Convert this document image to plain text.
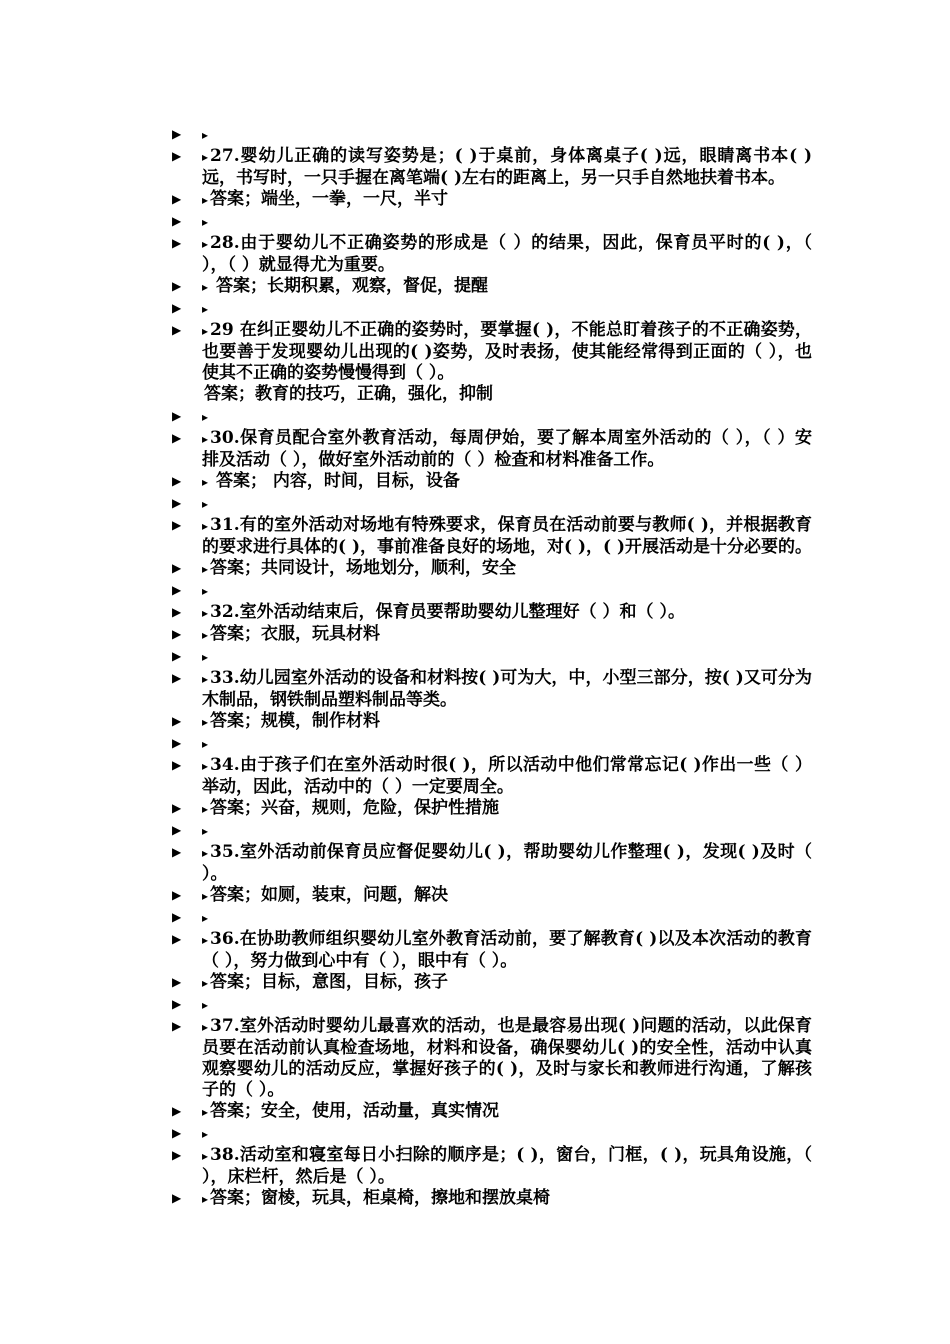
▶	▸
▶	▸ 27.婴幼儿正确的读写姿势是；( )于桌前，身体离桌子( )远，眼睛离书本( )远，书写时，一只手握在离笔端( )左右的距离上，另一只手自然地扶着书本。
▶	▸ 答案；端坐，一拳，一尺，半寸
▶	▸
▶	▸ 28.由于婴幼儿不正确姿势的形成是（ ）的结果，因此，保育员平时的( )，（ ），（ ）就显得尤为重要。
▶	▸ 答案；长期积累，观察，督促，提醒
▶	▸
▶	▸ 29 在纠正婴幼儿不正确的姿势时，要掌握( )，不能总盯着孩子的不正确姿势，也要善于发现婴幼儿出现的( )姿势，及时表扬，使其能经常得到正面的（ ），也使其不正确的姿势慢慢得到（ ）。
答案；教育的技巧，正确，强化，抑制
▶	▸
▶	▸ 30.保育员配合室外教育活动，每周伊始，要了解本周室外活动的（ ），（ ）安排及活动（ ），做好室外活动前的（ ）检查和材料准备工作。
▶	▸ 答案； 内容，时间，目标，设备
▶	▸
▶	▸ 31.有的室外活动对场地有特殊要求，保育员在活动前要与教师( )，并根据教育的要求进行具体的( )，事前准备良好的场地，对( )，( )开展活动是十分必要的。
▶	▸ 答案；共同设计，场地划分，顺利，安全
▶	▸
▶	▸ 32.室外活动结束后，保育员要帮助婴幼儿整理好（ ）和（ ）。
▶	▸ 答案；衣服，玩具材料
▶	▸
▶	▸ 33.幼儿园室外活动的设备和材料按( )可为大，中，小型三部分，按( )又可分为木制品，钢铁制品塑料制品等类。
▶	▸ 答案；规模，制作材料
▶	▸
▶	▸ 34.由于孩子们在室外活动时很( )，所以活动中他们常常忘记( )作出一些（ ）举动，因此，活动中的（ ）一定要周全。
▶	▸ 答案；兴奋，规则，危险，保护性措施
▶	▸
▶	▸ 35.室外活动前保育员应督促婴幼儿( )，帮助婴幼儿作整理( )，发现( )及时（ ）。
▶	▸ 答案；如厕，装束，问题，解决
▶	▸
▶	▸ 36.在协助教师组织婴幼儿室外教育活动前，要了解教育( )以及本次活动的教育（ ），努力做到心中有（ ），眼中有（ ）。
▶	▸ 答案；目标，意图，目标，孩子
▶	▸
▶	▸ 37.室外活动时婴幼儿最喜欢的活动，也是最容易出现( )问题的活动，以此保育员要在活动前认真检查场地，材料和设备，确保婴幼儿( )的安全性，活动中认真观察婴幼儿的活动反应，掌握好孩子的( )，及时与家长和教师进行沟通，了解孩子的（ ）。
▶	▸ 答案；安全，使用，活动量，真实情况
▶	▸
▶	▸ 38.活动室和寝室每日小扫除的顺序是；( )，窗台，门框，( )，玩具角设施，（ ），床栏杆，然后是（ ）。
▶	▸ 答案；窗棱，玩具，柜桌椅，擦地和摆放桌椅
